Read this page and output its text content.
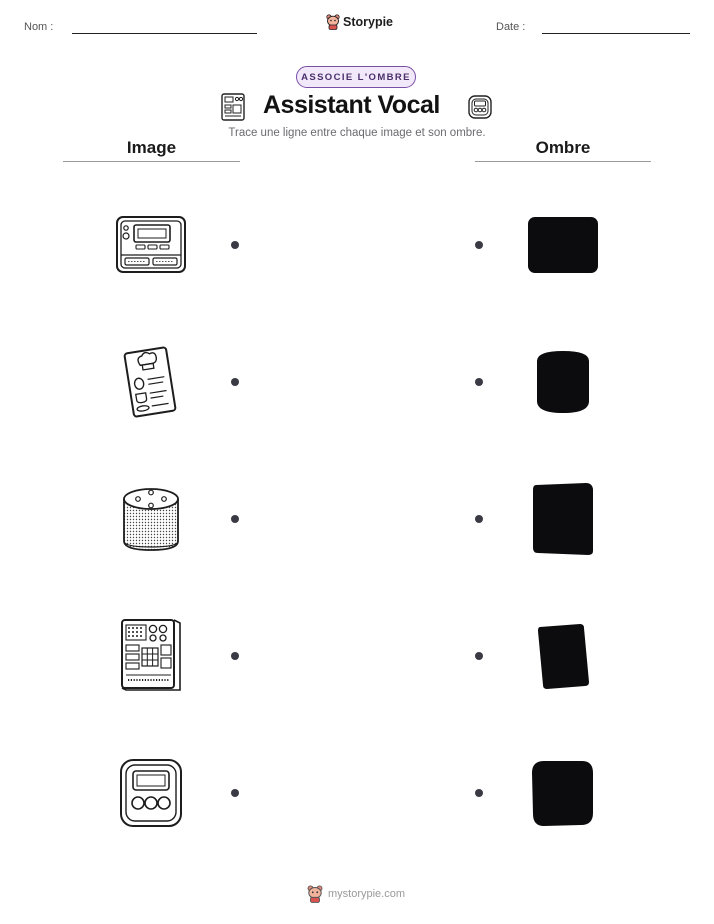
Nom :	Storypie	Date :
ASSOCIE L'OMBRE
Assistant Vocal
Trace une ligne entre chaque image et son ombre.
Image	Ombre
mystorypie.com
